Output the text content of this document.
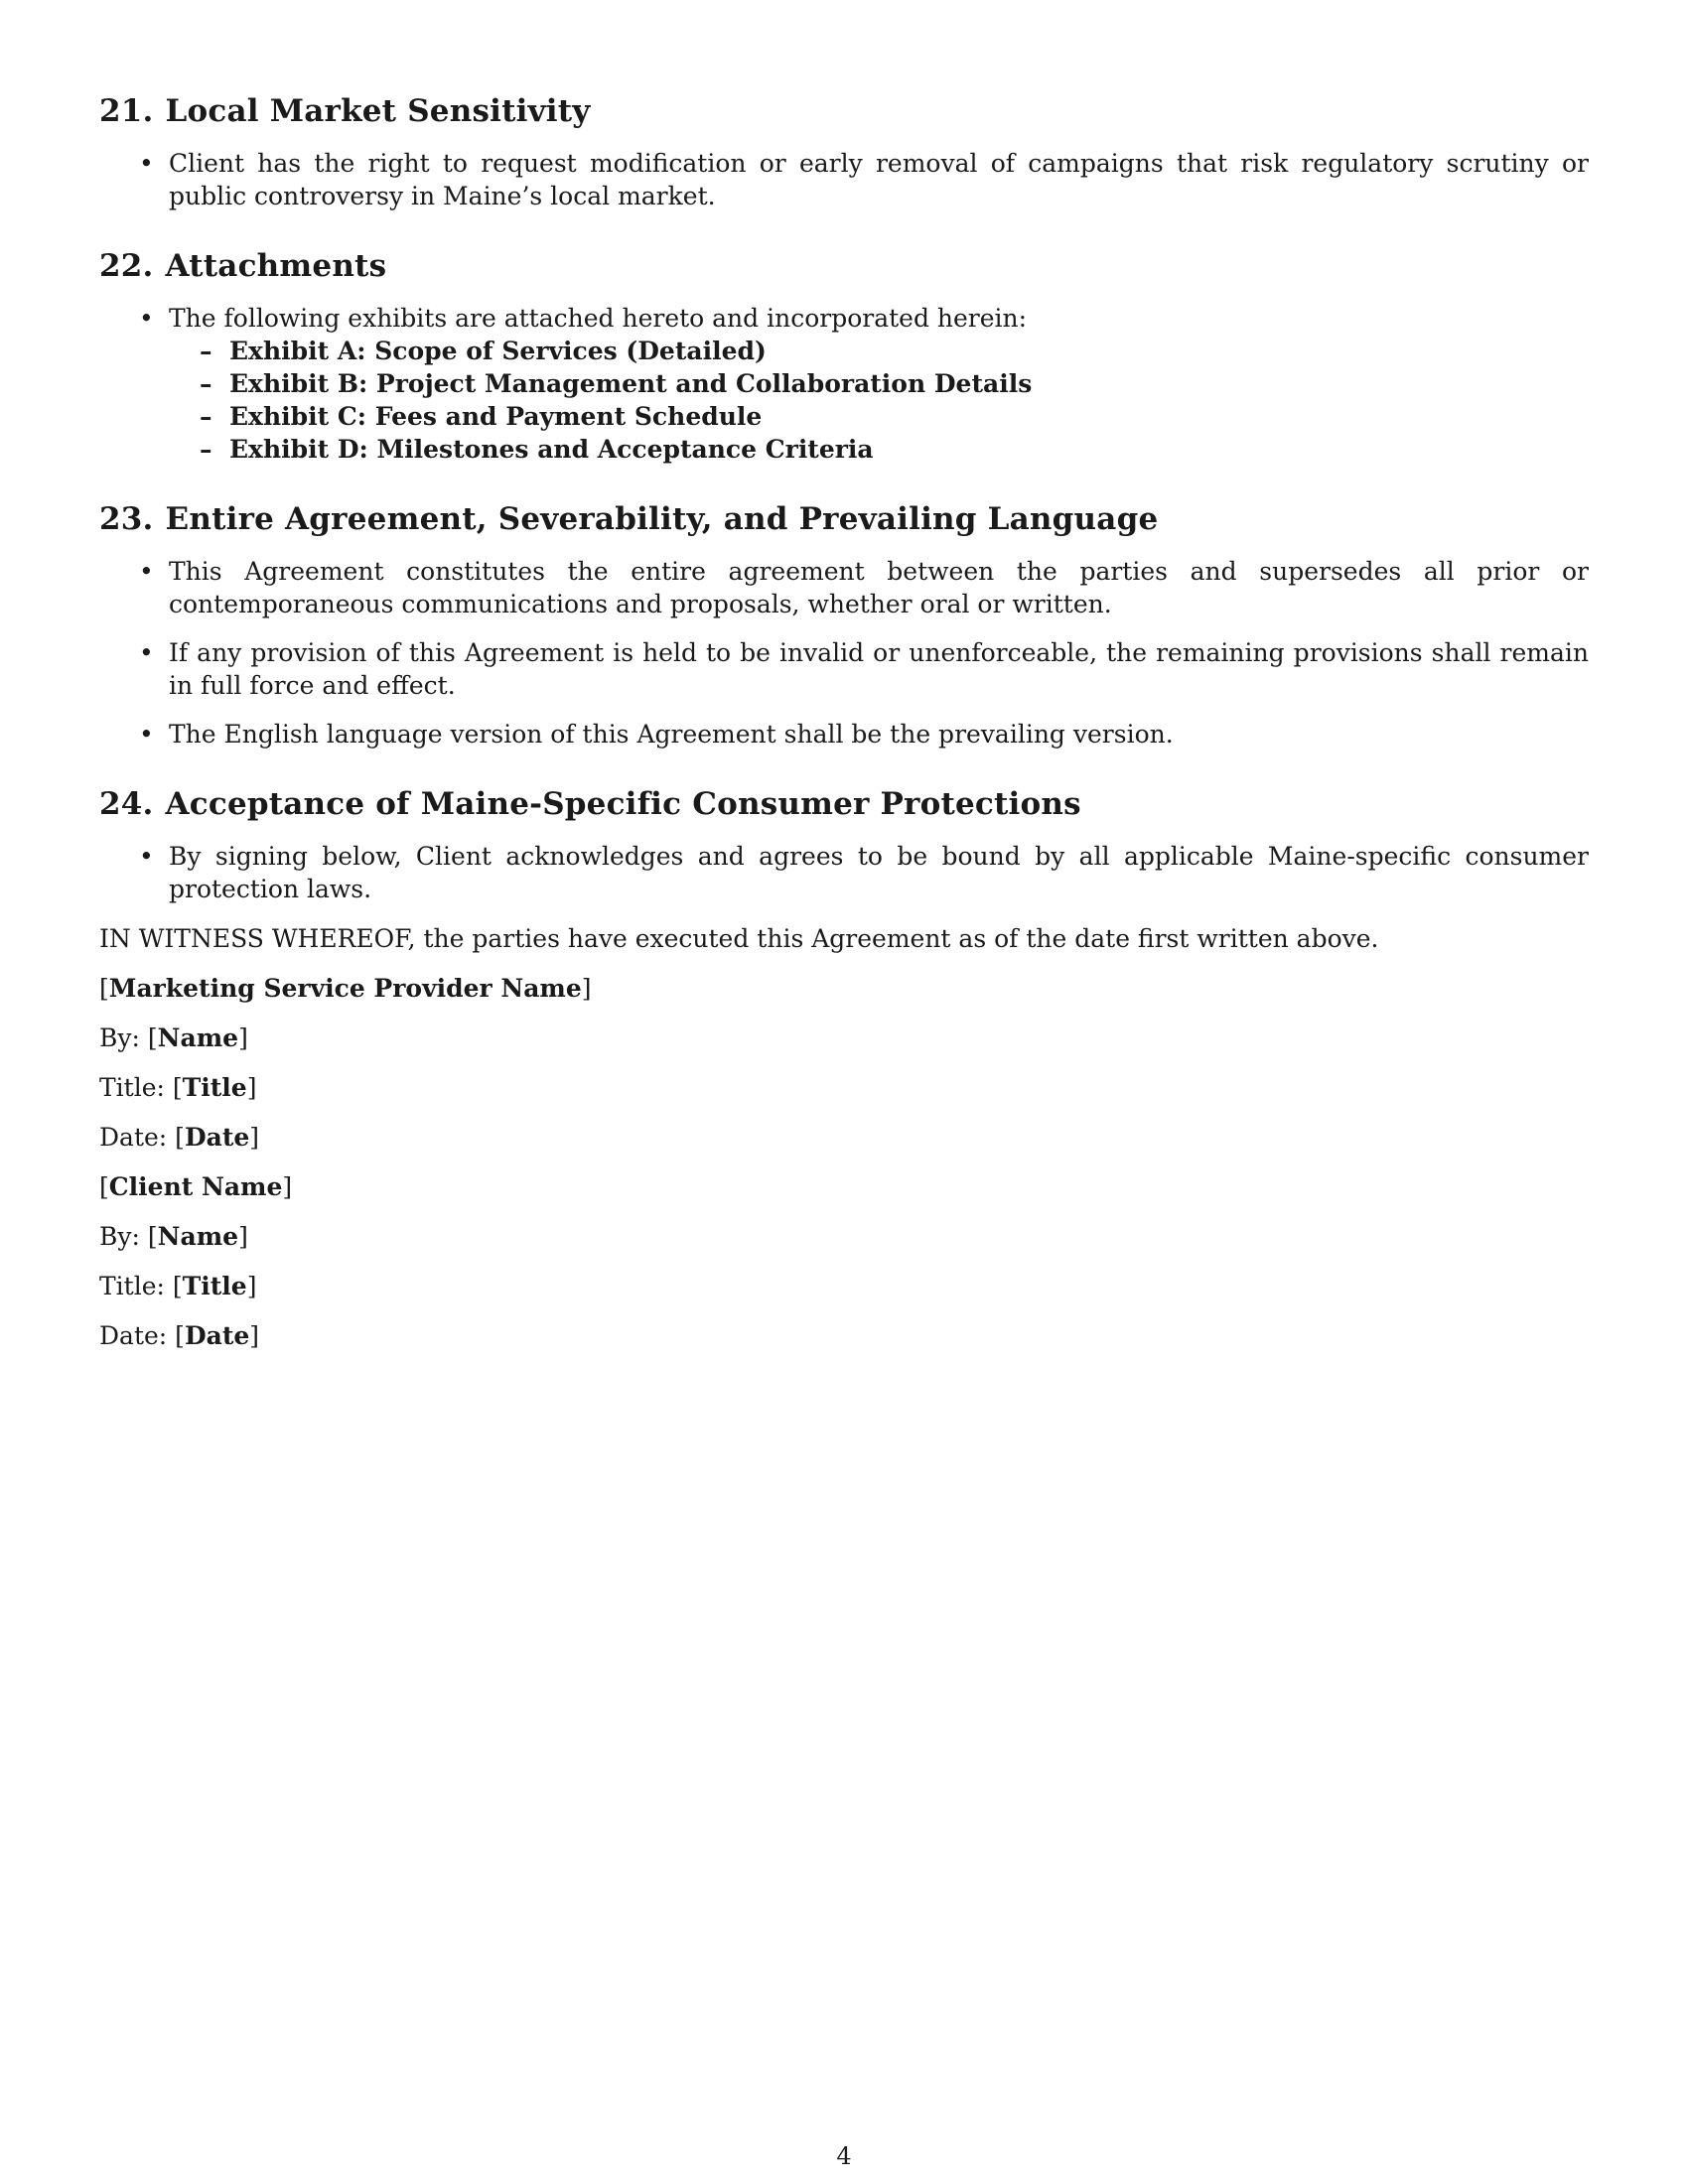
21. Local Market Sensitivity
• Client has the right to request modification or early removal of campaigns that risk regulatory scrutiny or public controversy in Maine’s local market.
22. Attachments
• The following exhibits are attached hereto and incorporated herein:
– Exhibit A: Scope of Services (Detailed)
– Exhibit B: Project Management and Collaboration Details
– Exhibit C: Fees and Payment Schedule
– Exhibit D: Milestones and Acceptance Criteria
23. Entire Agreement, Severability, and Prevailing Language
• This Agreement constitutes the entire agreement between the parties and supersedes all prior or contemporaneous communications and proposals, whether oral or written.
• If any provision of this Agreement is held to be invalid or unenforceable, the remaining provisions shall remain in full force and effect.
• The English language version of this Agreement shall be the prevailing version.
24. Acceptance of Maine-Specific Consumer Protections
• By signing below, Client acknowledges and agrees to be bound by all applicable Maine-specific consumer protection laws.

IN WITNESS WHEREOF, the parties have executed this Agreement as of the date first written above.

[Marketing Service Provider Name]

By: [Name]

Title: [Title]

Date: [Date]

[Client Name]

By: [Name]

Title: [Title]

Date: [Date]

4
